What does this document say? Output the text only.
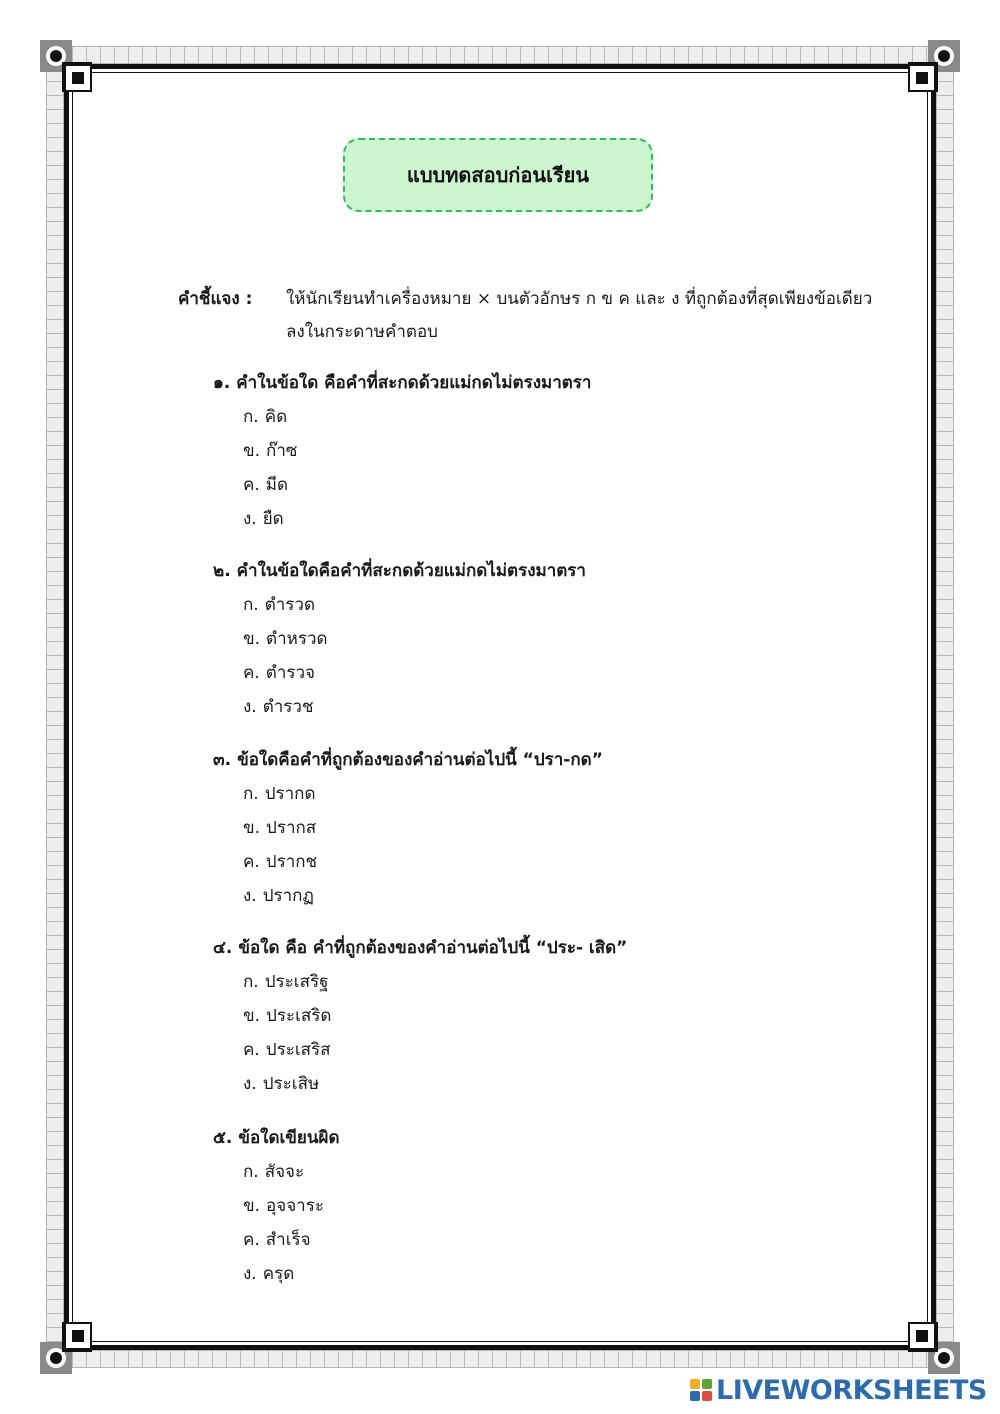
แบบทดสอบก่อนเรียน
คำชี้แจง : ให้นักเรียนทำเครื่องหมาย × บนตัวอักษร ก ข ค และ ง ที่ถูกต้องที่สุดเพียงข้อเดียวลงในกระดาษคำตอบ
๑. คำในข้อใด คือคำที่สะกดด้วยแม่กดไม่ตรงมาตรา
ก. คิด
ข. ก๊าซ
ค. มีด
ง. ยืด
๒. คำในข้อใดคือคำที่สะกดด้วยแม่กดไม่ตรงมาตรา
ก. ตำรวด
ข. ตำหรวด
ค. ตำรวจ
ง. ตำรวช
๓. ข้อใดคือคำที่ถูกต้องของคำอ่านต่อไปนี้ “ปรา-กด”
ก. ปรากด
ข. ปรากส
ค. ปรากช
ง. ปรากฏ
๔. ข้อใด คือ คำที่ถูกต้องของคำอ่านต่อไปนี้ “ประ- เสิด”
ก. ประเสริฐ
ข. ประเสริด
ค. ประเสริส
ง. ประเสิษ
๕. ข้อใดเขียนผิด
ก. สัจจะ
ข. อุจจาระ
ค. สำเร็จ
ง. ครุด
LIVEWORKSHEETS
